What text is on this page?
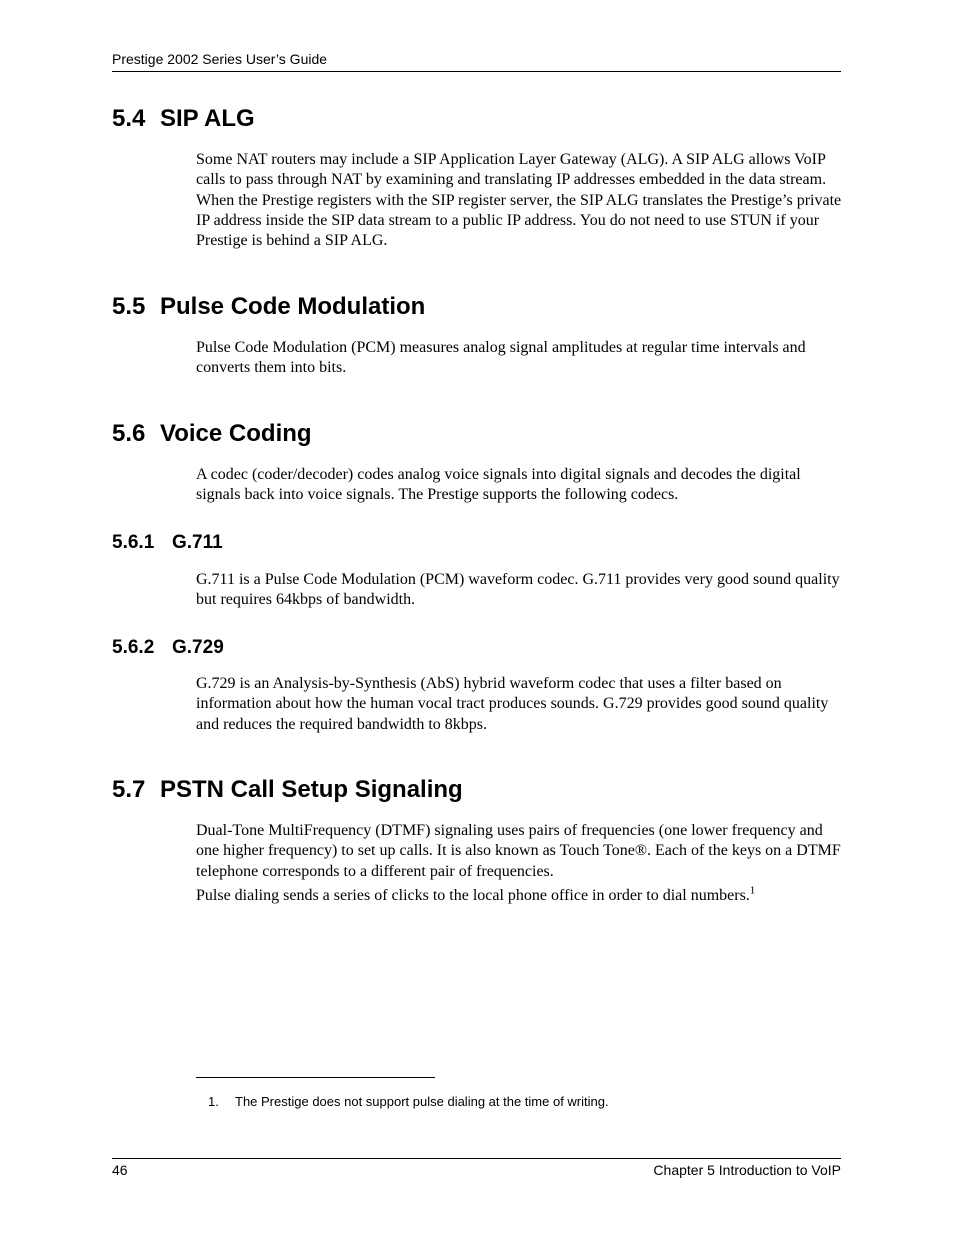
Prestige 2002 Series User’s Guide
5.4 SIP ALG

Some NAT routers may include a SIP Application Layer Gateway (ALG). A SIP ALG allows VoIP calls to pass through NAT by examining and translating IP addresses embedded in the data stream. When the Prestige registers with the SIP register server, the SIP ALG translates the Prestige’s private IP address inside the SIP data stream to a public IP address. You do not need to use STUN if your Prestige is behind a SIP ALG.

5.5 Pulse Code Modulation

Pulse Code Modulation (PCM) measures analog signal amplitudes at regular time intervals and converts them into bits.

5.6 Voice Coding

A codec (coder/decoder) codes analog voice signals into digital signals and decodes the digital signals back into voice signals. The Prestige supports the following codecs.

5.6.1 G.711

G.711 is a Pulse Code Modulation (PCM) waveform codec. G.711 provides very good sound quality but requires 64kbps of bandwidth.

5.6.2 G.729

G.729 is an Analysis-by-Synthesis (AbS) hybrid waveform codec that uses a filter based on information about how the human vocal tract produces sounds. G.729 provides good sound quality and reduces the required bandwidth to 8kbps.

5.7 PSTN Call Setup Signaling

Dual-Tone MultiFrequency (DTMF) signaling uses pairs of frequencies (one lower frequency and one higher frequency) to set up calls. It is also known as Touch Tone®. Each of the keys on a DTMF telephone corresponds to a different pair of frequencies.

Pulse dialing sends a series of clicks to the local phone office in order to dial numbers.$^1$

1. The Prestige does not support pulse dialing at the time of writing.
46	Chapter 5 Introduction to VoIP
